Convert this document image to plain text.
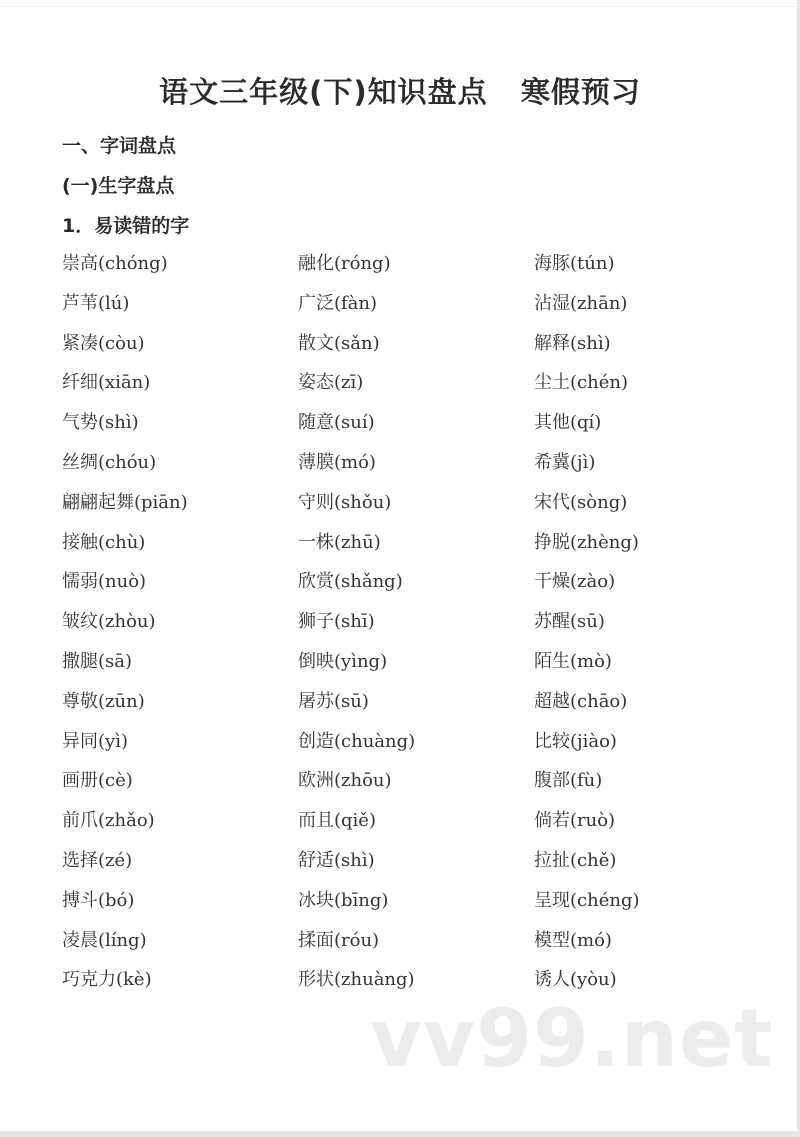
语文三年级(下)知识盘点   寒假预习
一、字词盘点
(一)生字盘点
1．易读错的字
崇高(chóng)	融化(róng)	海豚(tún)
芦苇(lú)	广泛(fàn)	沾湿(zhān)
紧凑(còu)	散文(sǎn)	解释(shì)
纤细(xiān)	姿态(zī)	尘土(chén)
气势(shì)	随意(suí)	其他(qí)
丝绸(chóu)	薄膜(mó)	希冀(jì)
翩翩起舞(piān)	守则(shǒu)	宋代(sòng)
接触(chù)	一株(zhū)	挣脱(zhèng)
懦弱(nuò)	欣赏(shǎng)	干燥(zào)
皱纹(zhòu)	狮子(shī)	苏醒(sū)
撒腿(sā)	倒映(yìng)	陌生(mò)
尊敬(zūn)	屠苏(sū)	超越(chāo)
异同(yì)	创造(chuàng)	比较(jiào)
画册(cè)	欧洲(zhōu)	腹部(fù)
前爪(zhǎo)	而且(qiě)	倘若(ruò)
选择(zé)	舒适(shì)	拉扯(chě)
搏斗(bó)	冰块(bīng)	呈现(chéng)
凌晨(líng)	揉面(róu)	模型(mó)
巧克力(kè)	形状(zhuàng)	诱人(yòu)
vv99.net
